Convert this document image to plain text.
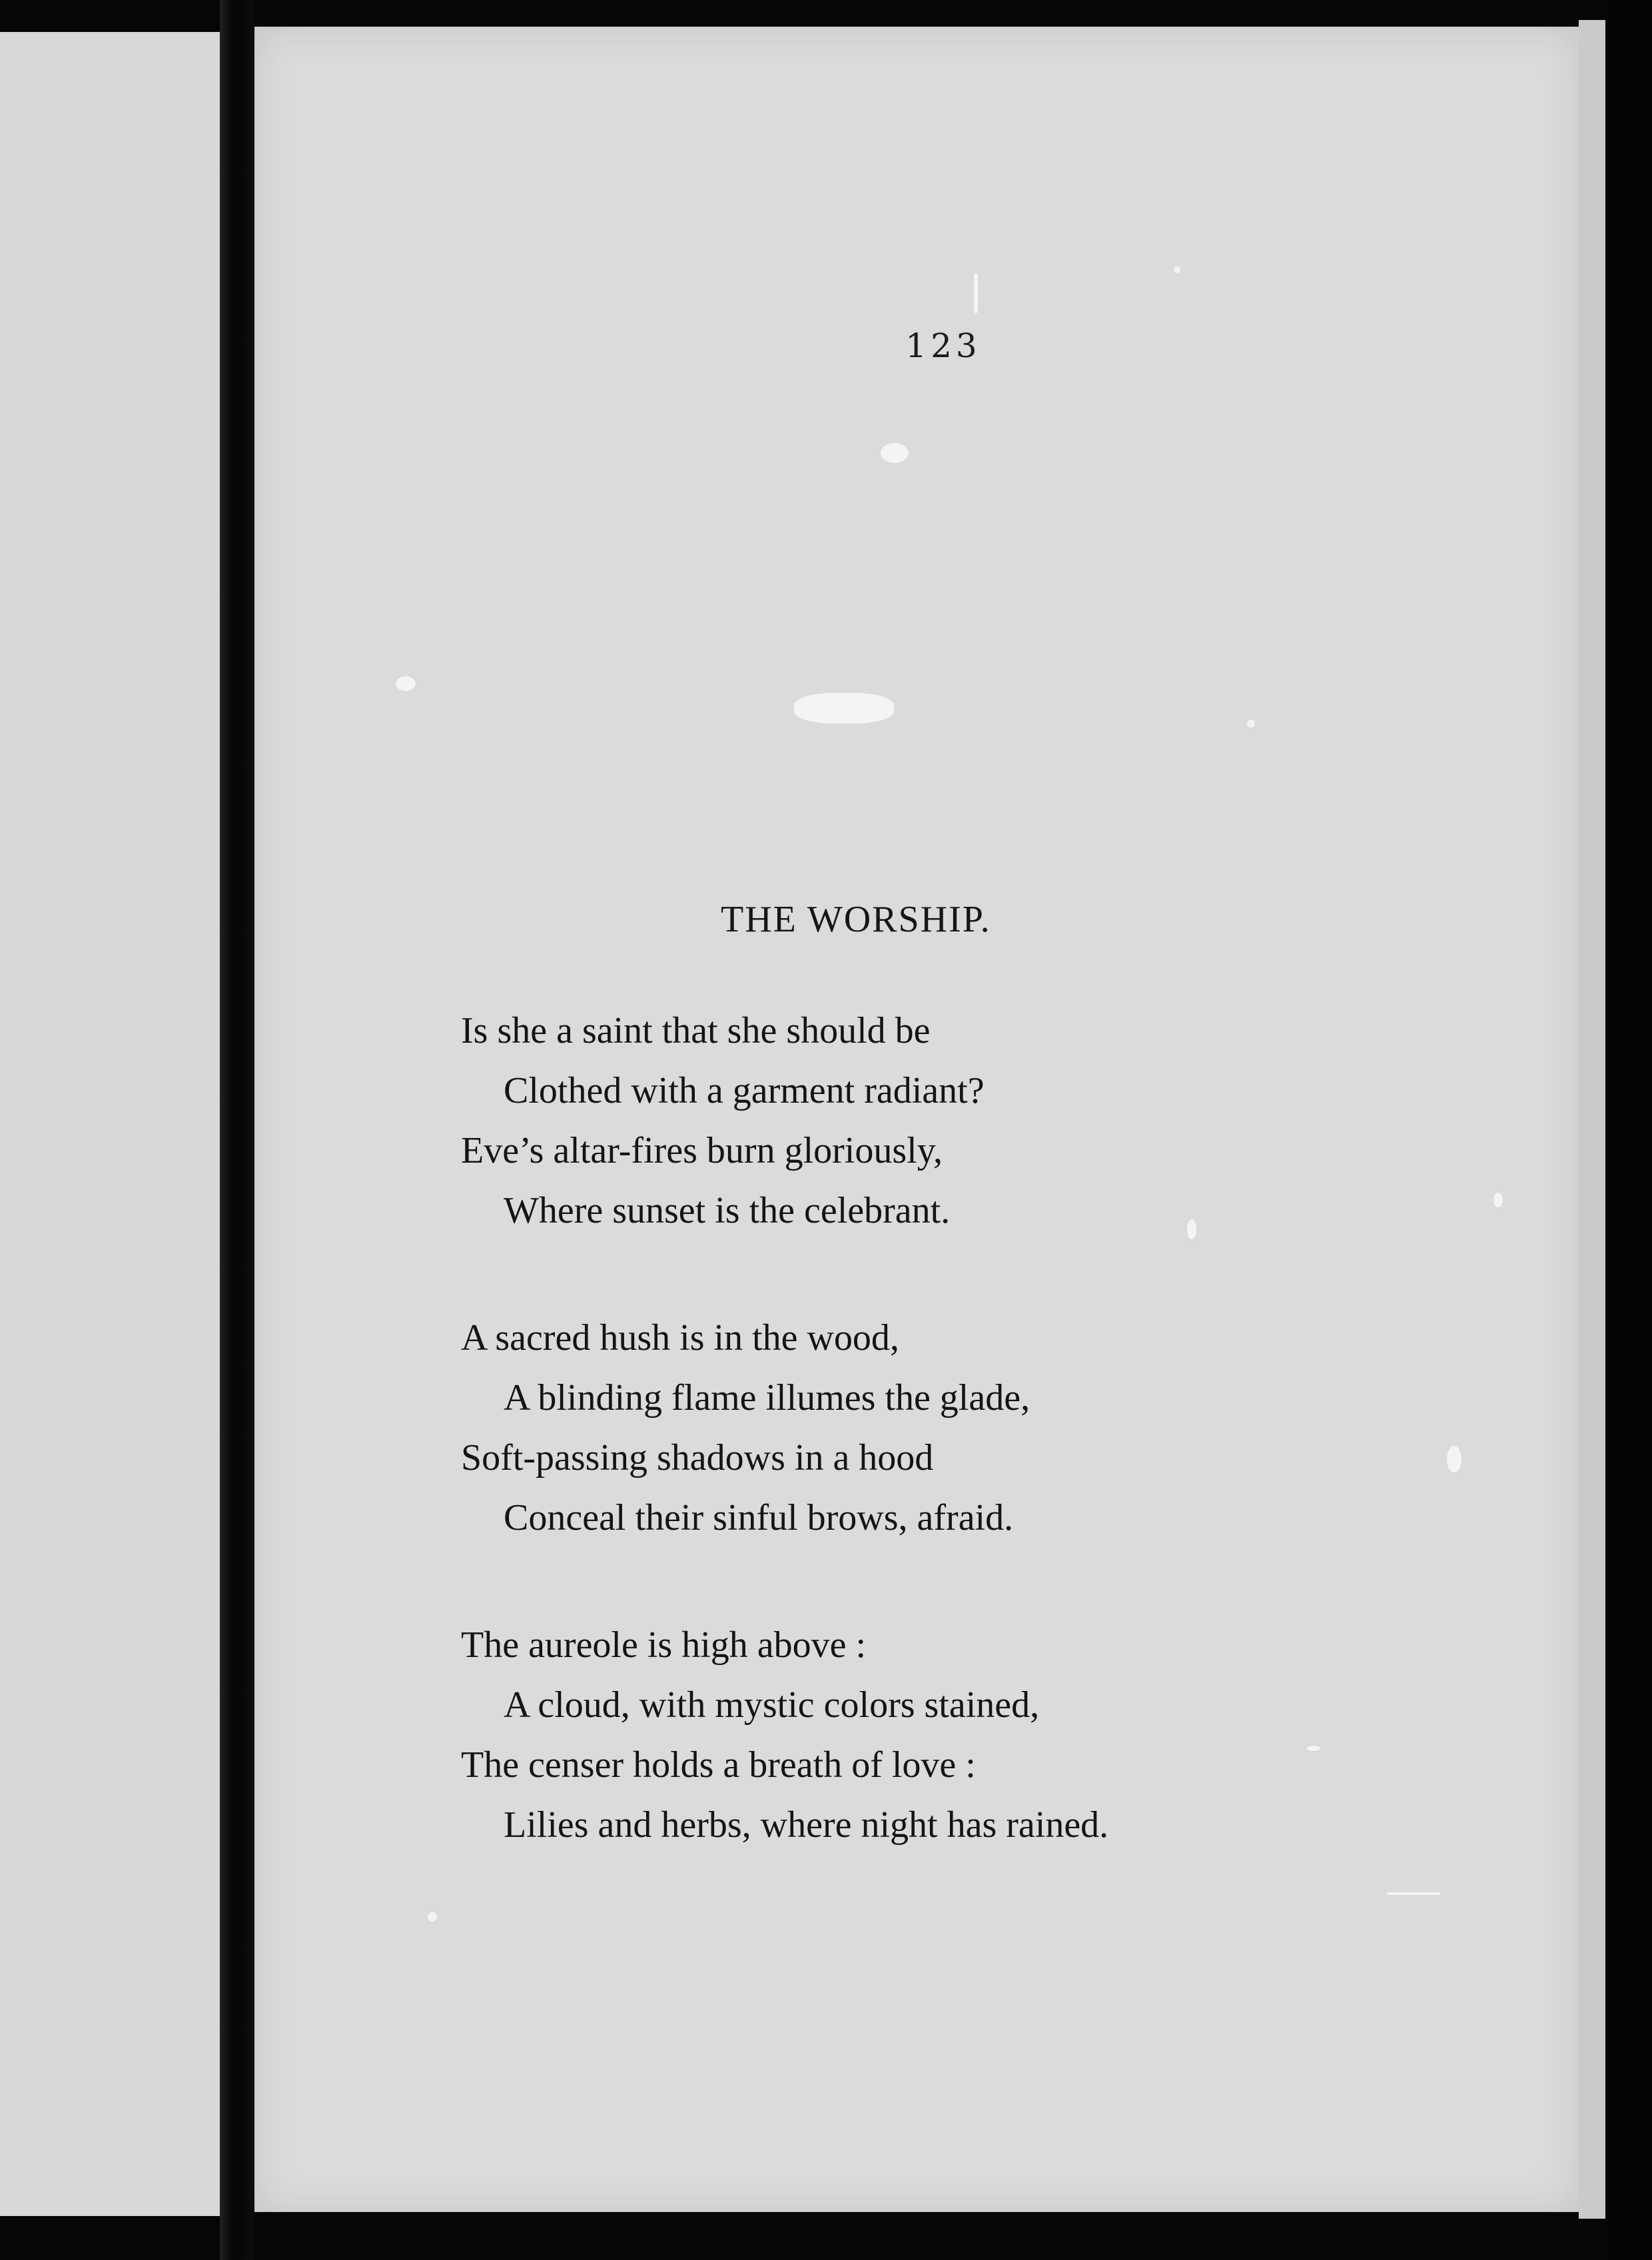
123

THE WORSHIP.
Is she a saint that she should be
Clothed with a garment radiant?
Eve’s altar-fires burn gloriously,
Where sunset is the celebrant.
A sacred hush is in the wood,
A blinding flame illumes the glade,
Soft-passing shadows in a hood
Conceal their sinful brows, afraid.
The aureole is high above :
A cloud, with mystic colors stained,
The censer holds a breath of love :
Lilies and herbs, where night has rained.
